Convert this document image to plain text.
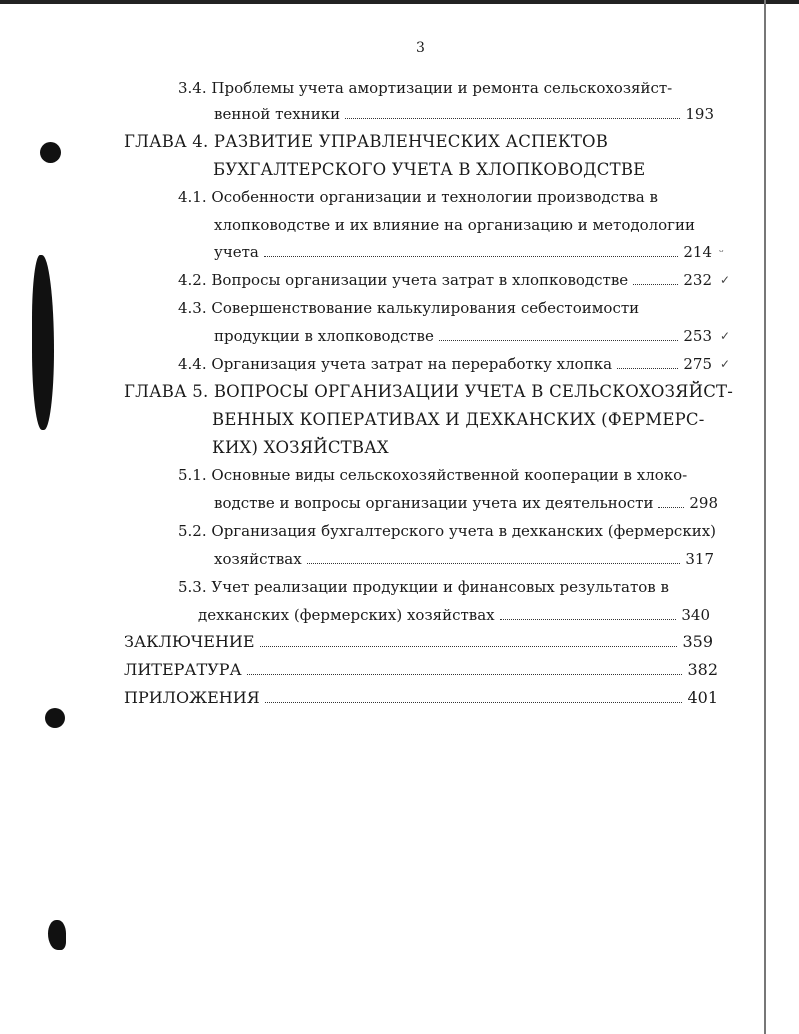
3
3.4. Проблемы учета амортизации и ремонта сельскохозяйст-
венной техники	193
ГЛАВА 4. РАЗВИТИЕ УПРАВЛЕНЧЕСКИХ АСПЕКТОВ
БУХГАЛТЕРСКОГО УЧЕТА В ХЛОПКОВОДСТВЕ
4.1. Особенности организации и технологии производства в
хлопководстве и их влияние на организацию и методологии
учета	214 ᵕ
4.2. Вопросы организации учета затрат в хлопководстве	232 ✓
4.3. Совершенствование калькулирования себестоимости
продукции в хлопководстве	253 ✓
4.4. Организация учета затрат на переработку хлопка	275 ✓
ГЛАВА 5. ВОПРОСЫ ОРГАНИЗАЦИИ УЧЕТА В СЕЛЬСКОХОЗЯЙСТ-
ВЕННЫХ КОПЕРАТИВАХ И ДЕХКАНСКИХ (ФЕРМЕРС-
КИХ) ХОЗЯЙСТВАХ
5.1. Основные виды сельскохозяйственной кооперации в хлоко-
водстве и вопросы организации учета их деятельности 298
5.2. Организация бухгалтерского учета в дехканских (фермерских)
хозяйствах	317
5.3. Учет реализации продукции и финансовых результатов в
дехканских (фермерских) хозяйствах	340
ЗАКЛЮЧЕНИЕ	359
ЛИТЕРАТУРА	382
ПРИЛОЖЕНИЯ	401
